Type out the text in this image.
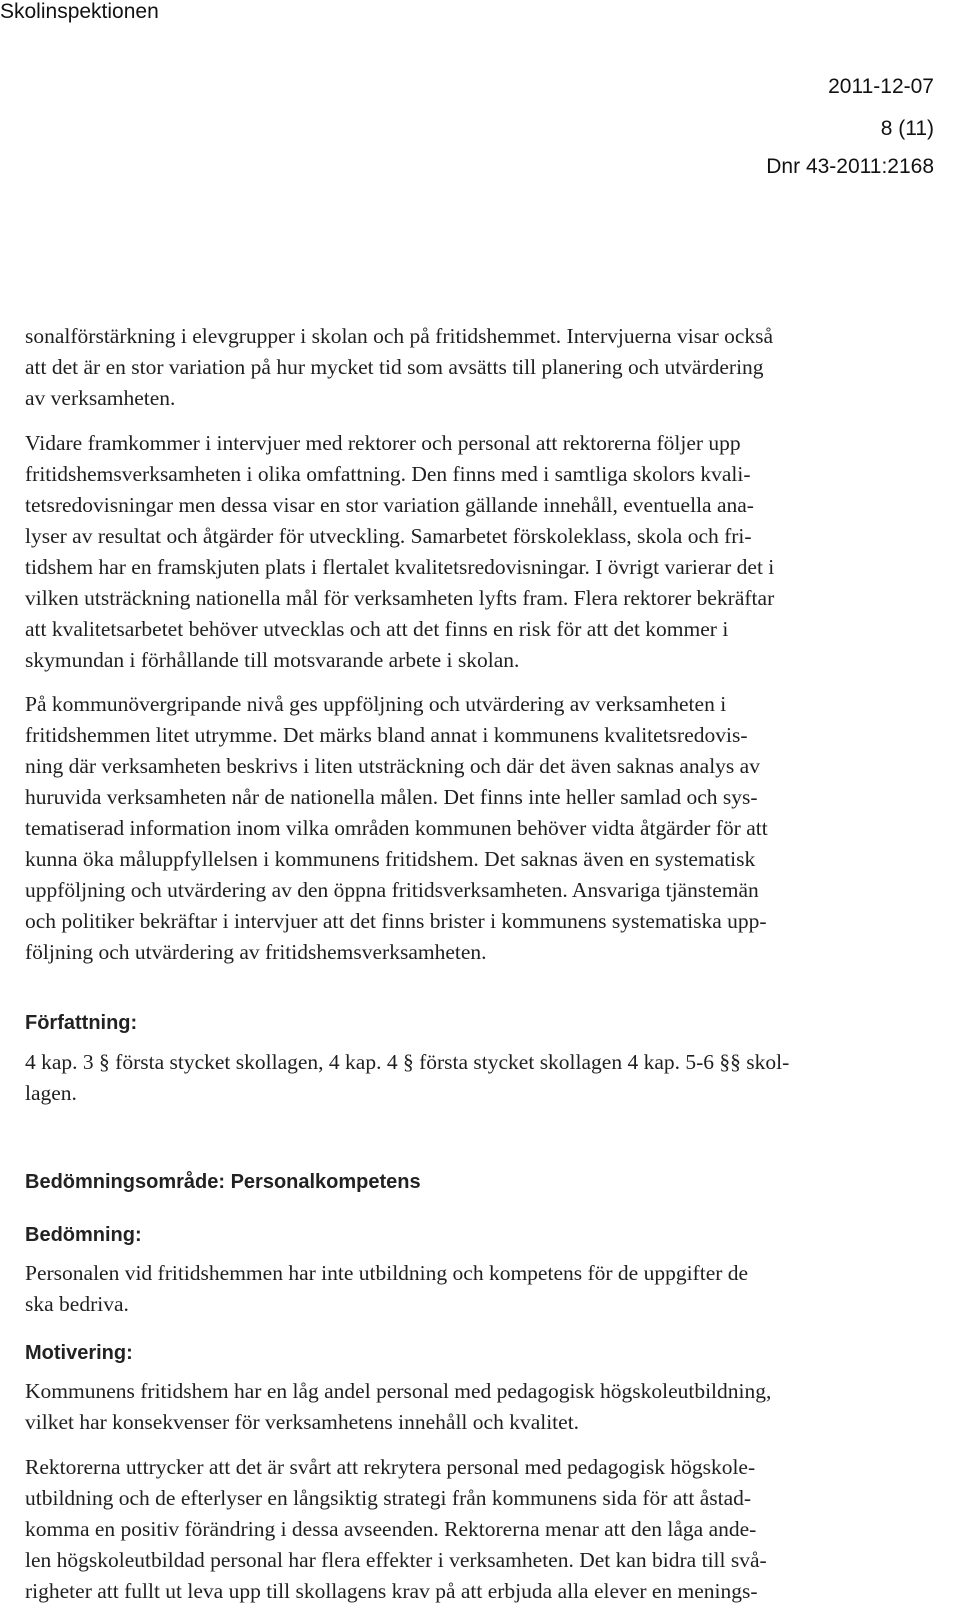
Skolinspektionen
2011-12-07
8 (11)
Dnr 43-2011:2168
sonalförstärkning i elevgrupper i skolan och på fritidshemmet. Intervjuerna visar också
att det är en stor variation på hur mycket tid som avsätts till planering och utvärdering
av verksamheten.
Vidare framkommer i intervjuer med rektorer och personal att rektorerna följer upp
fritidshemsverksamheten i olika omfattning. Den finns med i samtliga skolors kvali-
tetsredovisningar men dessa visar en stor variation gällande innehåll, eventuella ana-
lyser av resultat och åtgärder för utveckling. Samarbetet förskoleklass, skola och fri-
tidshem har en framskjuten plats i flertalet kvalitetsredovisningar. I övrigt varierar det i
vilken utsträckning nationella mål för verksamheten lyfts fram. Flera rektorer bekräftar
att kvalitetsarbetet behöver utvecklas och att det finns en risk för att det kommer i
skymundan i förhållande till motsvarande arbete i skolan.
På kommunövergripande nivå ges uppföljning och utvärdering av verksamheten i
fritidshemmen litet utrymme. Det märks bland annat i kommunens kvalitetsredovis-
ning där verksamheten beskrivs i liten utsträckning och där det även saknas analys av
huruvida verksamheten når de nationella målen. Det finns inte heller samlad och sys-
tematiserad information inom vilka områden kommunen behöver vidta åtgärder för att
kunna öka måluppfyllelsen i kommunens fritidshem. Det saknas även en systematisk
uppföljning och utvärdering av den öppna fritidsverksamheten. Ansvariga tjänstemän
och politiker bekräftar i intervjuer att det finns brister i kommunens systematiska upp-
följning och utvärdering av fritidshemsverksamheten.
Författning:
4 kap. 3 § första stycket skollagen, 4 kap. 4 § första stycket skollagen 4 kap. 5-6 §§ skol-
lagen.
Bedömningsområde: Personalkompetens
Bedömning:
Personalen vid fritidshemmen har inte utbildning och kompetens för de uppgifter de
ska bedriva.
Motivering:
Kommunens fritidshem har en låg andel personal med pedagogisk högskoleutbildning,
vilket har konsekvenser för verksamhetens innehåll och kvalitet.
Rektorerna uttrycker att det är svårt att rekrytera personal med pedagogisk högskole-
utbildning och de efterlyser en långsiktig strategi från kommunens sida för att åstad-
komma en positiv förändring i dessa avseenden. Rektorerna menar att den låga ande-
len högskoleutbildad personal har flera effekter i verksamheten. Det kan bidra till svå-
righeter att fullt ut leva upp till skollagens krav på att erbjuda alla elever en menings-
